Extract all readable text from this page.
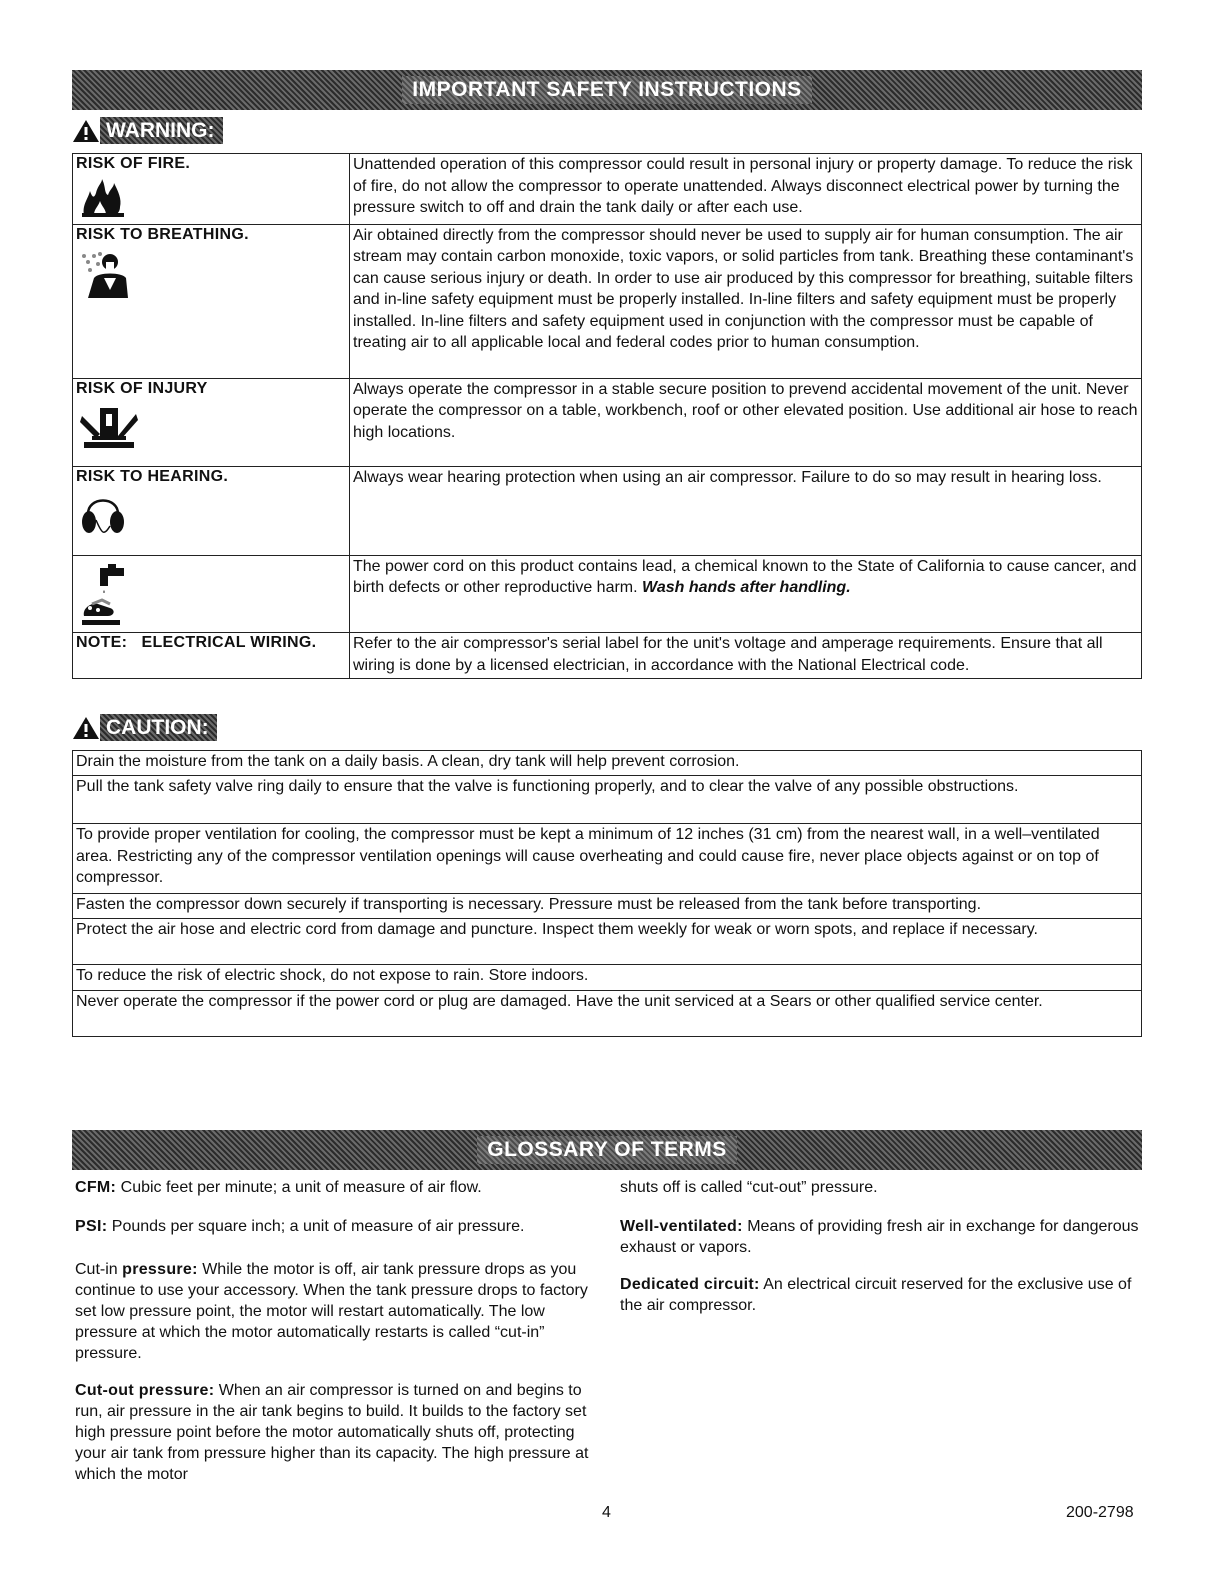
IMPORTANT SAFETY INSTRUCTIONS
WARNING:
RISK OF FIRE.	Unattended operation of this compressor could result in personal injury or property damage. To reduce the risk of fire, do not allow the compressor to operate unattended. Always disconnect electrical power by turning the pressure switch to off and drain the tank daily or after each use.

RISK TO BREATHING.	Air obtained directly from the compressor should never be used to supply air for human consumption. The air stream may contain carbon monoxide, toxic vapors, or solid particles from tank. Breathing these contaminant's can cause serious injury or death. In order to use air produced by this compressor for breathing, suitable filters and in-line safety equipment must be properly installed. In-line filters and safety equipment must be properly installed. In-line filters and safety equipment used in conjunction with the compressor must be capable of treating air to all applicable local and federal codes prior to human consumption.

RISK OF INJURY	Always operate the compressor in a stable secure position to prevend accidental movement of the unit. Never operate the compressor on a table, workbench, roof or other elevated position. Use additional air hose to reach high locations.

RISK TO HEARING.	Always wear hearing protection when using an air compressor. Failure to do so may result in hearing loss.
	The power cord on this product contains lead, a chemical known to the State of California to cause cancer, and birth defects or other reproductive harm. Wash hands after handling.

NOTE:   ELECTRICAL WIRING.	Refer to the air compressor's serial label for the unit's voltage and amperage requirements. Ensure that all wiring is done by a licensed electrician, in accordance with the National Electrical code.
CAUTION:
Drain the moisture from the tank on a daily basis. A clean, dry tank will help prevent corrosion.
Pull the tank safety valve ring daily to ensure that the valve is functioning properly, and to clear the valve of any possible obstructions.
To provide proper ventilation for cooling, the compressor must be kept a minimum of 12 inches (31 cm) from the nearest wall, in a well–ventilated area. Restricting any of the compressor ventilation openings will cause overheating and could cause fire, never place objects against or on top of compressor.
Fasten the compressor down securely if transporting is necessary. Pressure must be released from the tank before transporting.
Protect the air hose and electric cord from damage and puncture. Inspect them weekly for weak or worn spots, and replace if necessary.
To reduce the risk of electric shock, do not expose to rain. Store indoors.
Never operate the compressor if the power cord or plug are damaged. Have the unit serviced at a Sears or other qualified service center.
GLOSSARY OF TERMS

CFM: Cubic feet per minute; a unit of measure of air flow.

PSI: Pounds per square inch; a unit of measure of air pressure.

Cut-in pressure: While the motor is off, air tank pressure drops as you continue to use your accessory. When the tank pressure drops to factory set low pressure point, the motor will restart automatically. The low pressure at which the motor automatically restarts is called “cut-in” pressure.

Cut-out pressure: When an air compressor is turned on and begins to run, air pressure in the air tank begins to build. It builds to the factory set high pressure point before the motor automatically shuts off, protecting your air tank from pressure higher than its capacity. The high pressure at which the motor

shuts off is called “cut-out” pressure.

Well-ventilated: Means of providing fresh air in exchange for dangerous exhaust or vapors.

Dedicated circuit: An electrical circuit reserved for the exclusive use of the air compressor.

4	200-2798
